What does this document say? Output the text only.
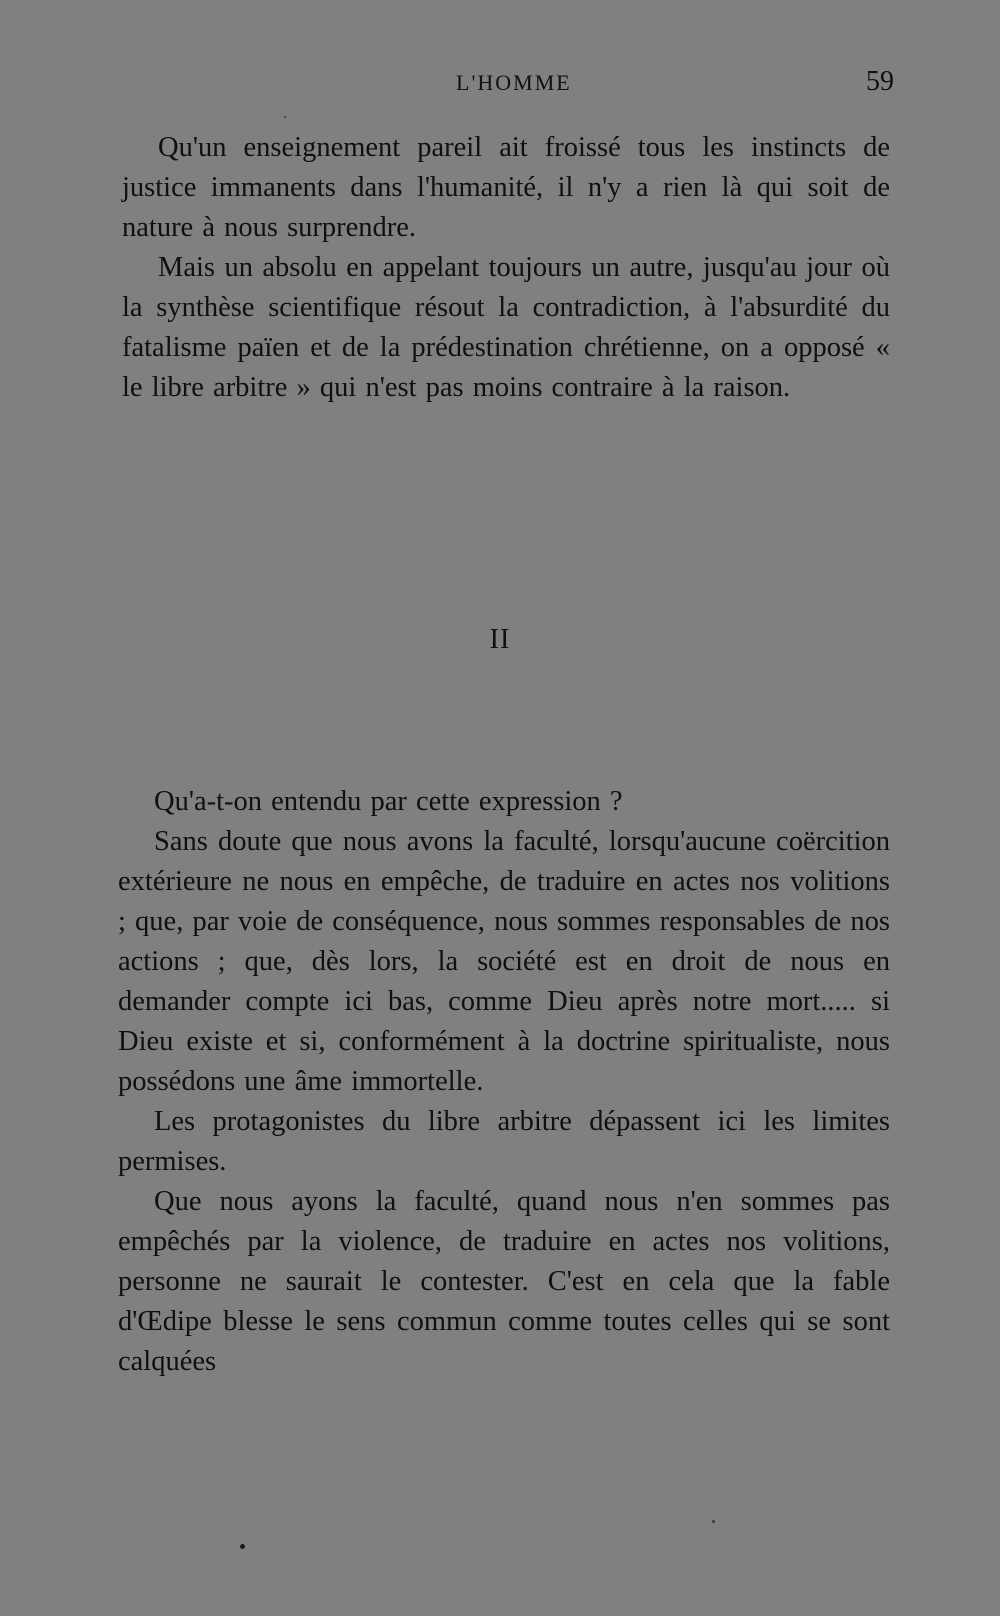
L'HOMME	59

Qu'un enseignement pareil ait froissé tous les instincts de justice immanents dans l'humanité, il n'y a rien là qui soit de nature à nous surprendre.

Mais un absolu en appelant toujours un autre, jusqu'au jour où la synthèse scientifique résout la contradiction, à l'absurdité du fatalisme païen et de la prédestination chrétienne, on a opposé « le libre arbitre » qui n'est pas moins contraire à la raison.

II

Qu'a-t-on entendu par cette expression ?

Sans doute que nous avons la faculté, lorsqu'aucune coërcition extérieure ne nous en empêche, de traduire en actes nos volitions ; que, par voie de conséquence, nous sommes responsables de nos actions ; que, dès lors, la société est en droit de nous en demander compte ici bas, comme Dieu après notre mort..... si Dieu existe et si, conformément à la doctrine spiritualiste, nous possédons une âme immortelle.

Les protagonistes du libre arbitre dépassent ici les limites permises.

Que nous ayons la faculté, quand nous n'en sommes pas empêchés par la violence, de traduire en actes nos volitions, personne ne saurait le contester. C'est en cela que la fable d'Œdipe blesse le sens commun comme toutes celles qui se sont calquées
